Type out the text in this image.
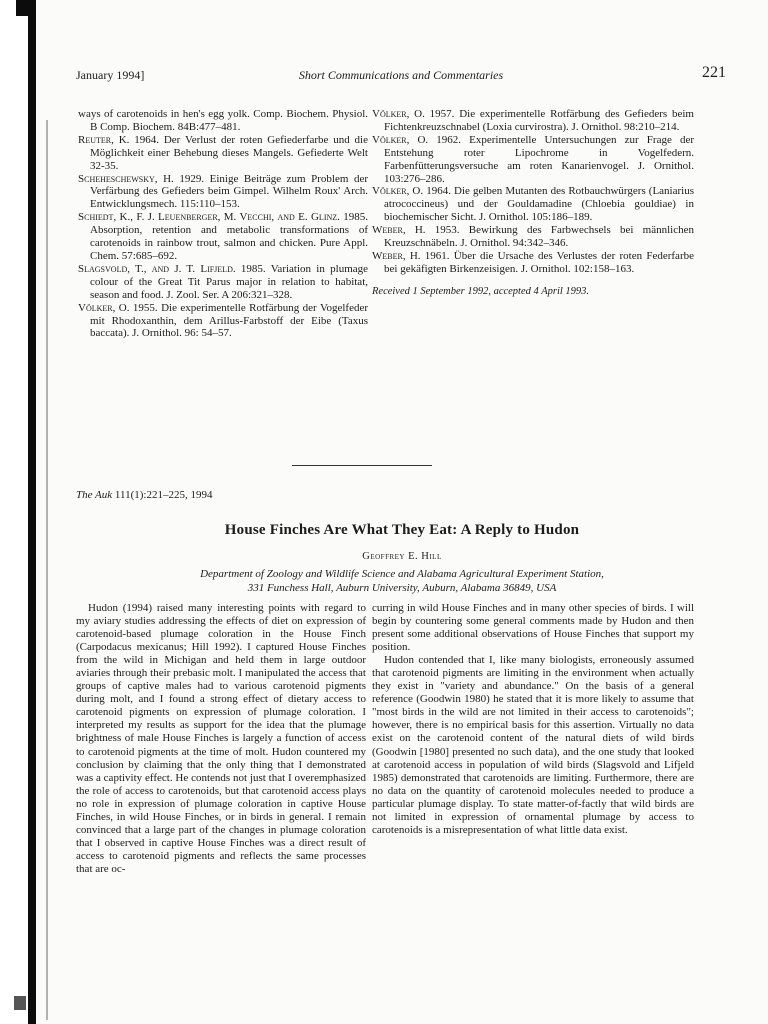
January 1994]	Short Communications and Commentaries	221

ways of carotenoids in hen's egg yolk. Comp. Biochem. Physiol. B Comp. Biochem. 84B:477–481.

Reuter, K. 1964. Der Verlust der roten Gefiederfarbe und die Möglichkeit einer Behebung dieses Mangels. Gefiederte Welt 32-35.

Scheheschewsky, H. 1929. Einige Beiträge zum Problem der Verfärbung des Gefieders beim Gimpel. Wilhelm Roux' Arch. Entwicklungsmech. 115:110–153.

Schiedt, K., F. J. Leuenberger, M. Vecchi, and E. Glinz. 1985. Absorption, retention and metabolic transformations of carotenoids in rainbow trout, salmon and chicken. Pure Appl. Chem. 57:685–692.

Slagsvold, T., and J. T. Lifjeld. 1985. Variation in plumage colour of the Great Tit Parus major in relation to habitat, season and food. J. Zool. Ser. A 206:321–328.

Völker, O. 1955. Die experimentelle Rotfärbung der Vogelfeder mit Rhodoxanthin, dem Arillus-Farbstoff der Eibe (Taxus baccata). J. Ornithol. 96: 54–57.

Völker, O. 1957. Die experimentelle Rotfärbung des Gefieders beim Fichtenkreuzschnabel (Loxia curvirostra). J. Ornithol. 98:210–214.

Völker, O. 1962. Experimentelle Untersuchungen zur Frage der Entstehung roter Lipochrome in Vogelfedern. Farbenfütterungsversuche am roten Kanarienvogel. J. Ornithol. 103:276–286.

Völker, O. 1964. Die gelben Mutanten des Rotbauchwürgers (Laniarius atrococcineus) und der Gouldamadine (Chloebia gouldiae) in biochemischer Sicht. J. Ornithol. 105:186–189.

Weber, H. 1953. Bewirkung des Farbwechsels bei männlichen Kreuzschnäbeln. J. Ornithol. 94:342–346.

Weber, H. 1961. Über die Ursache des Verlustes der roten Federfarbe bei gekäfigten Birkenzeisigen. J. Ornithol. 102:158–163.

Received 1 September 1992, accepted 4 April 1993.

The Auk 111(1):221–225, 1994
House Finches Are What They Eat: A Reply to Hudon
Geoffrey E. Hill
Department of Zoology and Wildlife Science and Alabama Agricultural Experiment Station,
331 Funchess Hall, Auburn University, Auburn, Alabama 36849, USA

Hudon (1994) raised many interesting points with regard to my aviary studies addressing the effects of diet on expression of carotenoid-based plumage coloration in the House Finch (Carpodacus mexicanus; Hill 1992). I captured House Finches from the wild in Michigan and held them in large outdoor aviaries through their prebasic molt. I manipulated the access that groups of captive males had to various carotenoid pigments during molt, and I found a strong effect of dietary access to carotenoid pigments on expression of plumage coloration. I interpreted my results as support for the idea that the plumage brightness of male House Finches is largely a function of access to carotenoid pigments at the time of molt. Hudon countered my conclusion by claiming that the only thing that I demonstrated was a captivity effect. He contends not just that I overemphasized the role of access to carotenoids, but that carotenoid access plays no role in expression of plumage coloration in captive House Finches, in wild House Finches, or in birds in general. I remain convinced that a large part of the changes in plumage coloration that I observed in captive House Finches was a direct result of access to carotenoid pigments and reflects the same processes that are oc-

curring in wild House Finches and in many other species of birds. I will begin by countering some general comments made by Hudon and then present some additional observations of House Finches that support my position.

Hudon contended that I, like many biologists, erroneously assumed that carotenoid pigments are limiting in the environment when actually they exist in "variety and abundance." On the basis of a general reference (Goodwin 1980) he stated that it is more likely to assume that "most birds in the wild are not limited in their access to carotenoids"; however, there is no empirical basis for this assertion. Virtually no data exist on the carotenoid content of the natural diets of wild birds (Goodwin [1980] presented no such data), and the one study that looked at carotenoid access in population of wild birds (Slagsvold and Lifjeld 1985) demonstrated that carotenoids are limiting. Furthermore, there are no data on the quantity of carotenoid molecules needed to produce a particular plumage display. To state matter-of-factly that wild birds are not limited in expression of ornamental plumage by access to carotenoids is a misrepresentation of what little data exist.
